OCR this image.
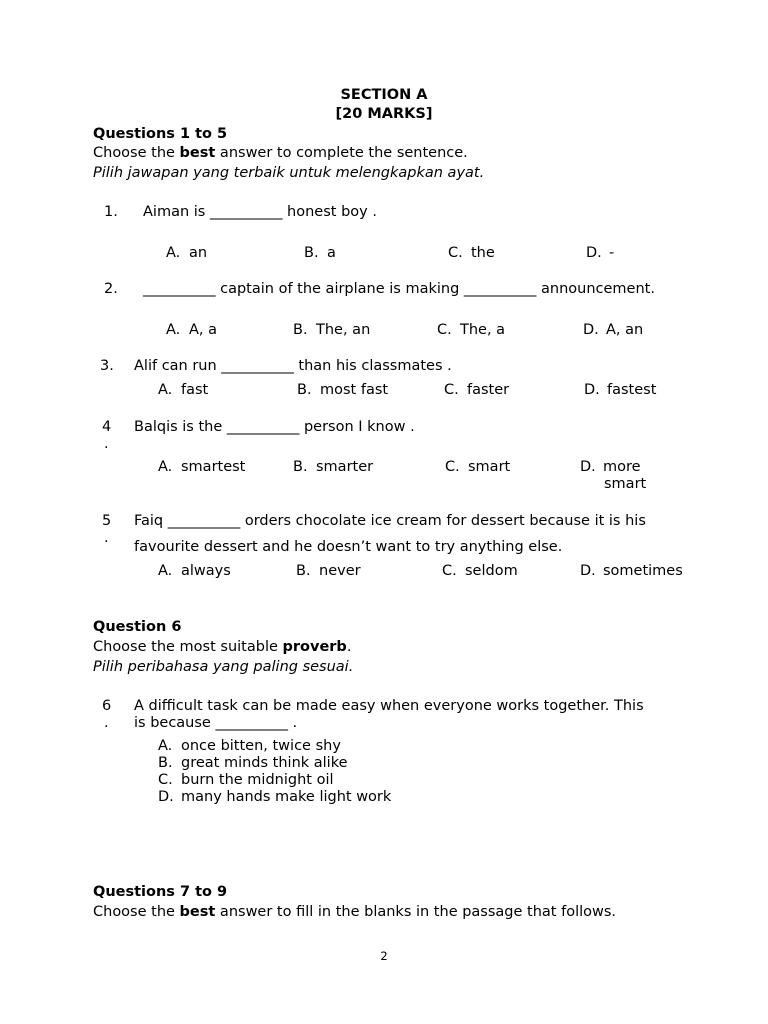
SECTION A
[20 MARKS]
Questions 1 to 5
Choose the best answer to complete the sentence.
Pilih jawapan yang terbaik untuk melengkapkan ayat.
1. Aiman is __________ honest boy .
A. an	B. a	C. the	D. -
2. __________ captain of the airplane is making __________ announcement.
A. A, a	B. The, an	C. The, a	D. A, an
3. Alif can run __________ than his classmates .
A. fast	B. most fast	C. faster	D. fastest
4
.
Balqis is the __________ person I know .
A. smartest	B. smarter	C. smart	D. more
smart
5
.
Faiq __________ orders chocolate ice cream for dessert because it is his
favourite dessert and he doesn’t want to try anything else.
A. always	B. never	C. seldom	D. sometimes
Question 6
Choose the most suitable proverb.
Pilih peribahasa yang paling sesuai.
6
.
A difficult task can be made easy when everyone works together. This
is because __________ .
A. once bitten, twice shy
B. great minds think alike
C. burn the midnight oil
D. many hands make light work
Questions 7 to 9
Choose the best answer to fill in the blanks in the passage that follows.
2
